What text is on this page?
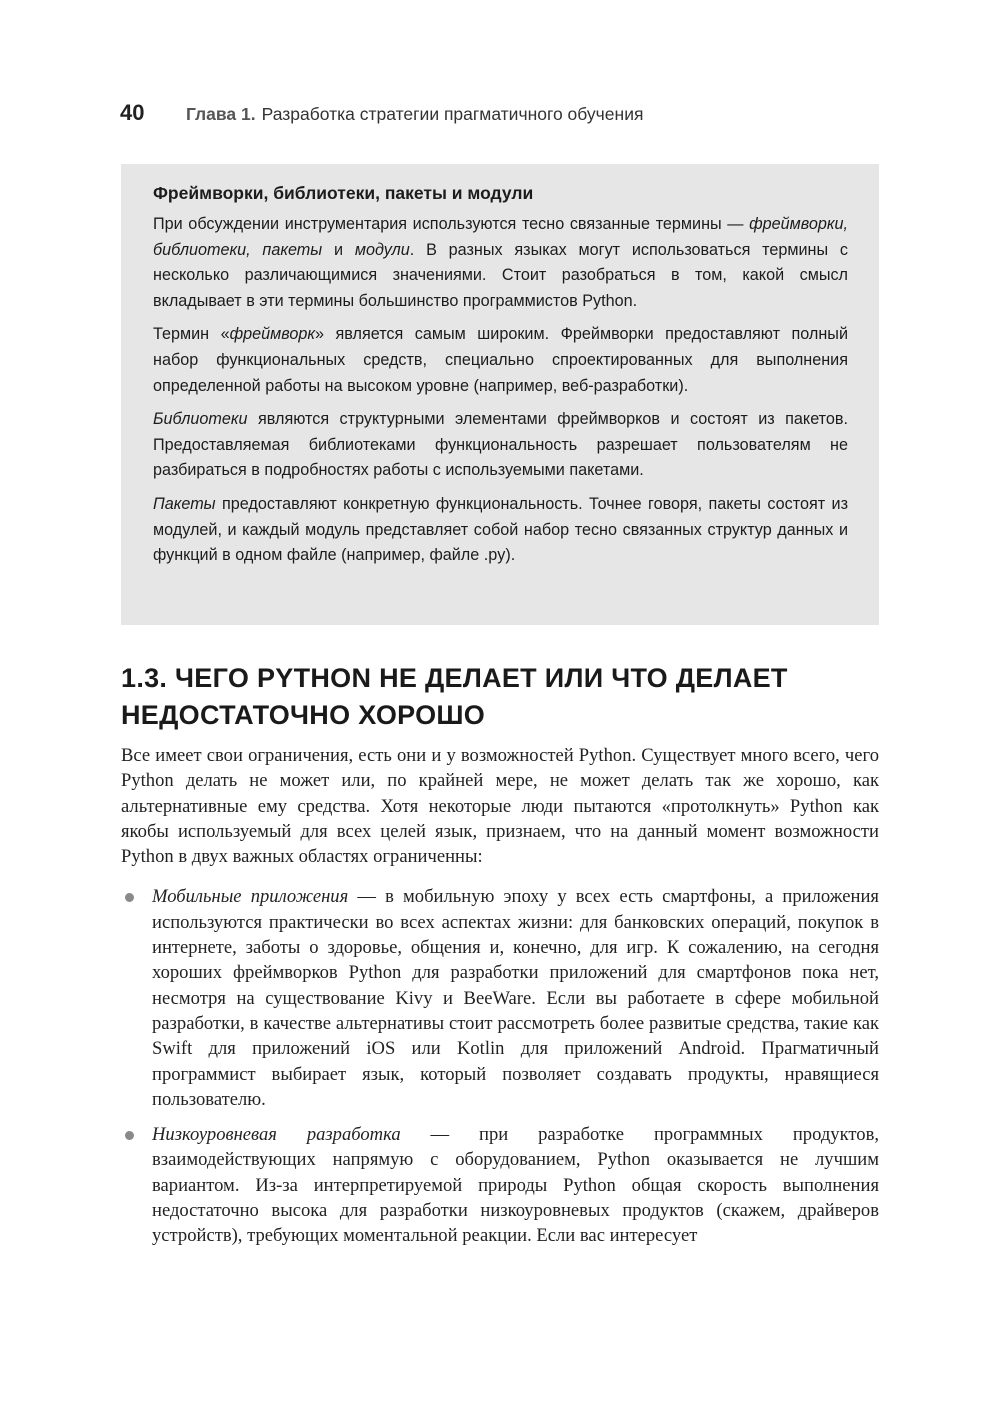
40	Глава 1. Разработка стратегии прагматичного обучения
Фреймворки, библиотеки, пакеты и модули

При обсуждении инструментария используются тесно связанные термины — фреймворки, библиотеки, пакеты и модули. В разных языках могут использоваться термины с несколько различающимися значениями. Стоит разобраться в том, какой смысл вкладывает в эти термины большинство программистов Python.

Термин «фреймворк» является самым широким. Фреймворки предоставляют полный набор функциональных средств, специально спроектированных для выполнения определенной работы на высоком уровне (например, веб-разработки).

Библиотеки являются структурными элементами фреймворков и состоят из пакетов. Предоставляемая библиотеками функциональность разрешает пользователям не разбираться в подробностях работы с используемыми пакетами.

Пакеты предоставляют конкретную функциональность. Точнее говоря, пакеты состоят из модулей, и каждый модуль представляет собой набор тесно связанных структур данных и функций в одном файле (например, файле .py).

1.3. ЧЕГО PYTHON НЕ ДЕЛАЕТ ИЛИ ЧТО ДЕЛАЕТ
НЕДОСТАТОЧНО ХОРОШО

Все имеет свои ограничения, есть они и у возможностей Python. Существует много всего, чего Python делать не может или, по крайней мере, не может делать так же хорошо, как альтернативные ему средства. Хотя некоторые люди пытаются «протолкнуть» Python как якобы используемый для всех целей язык, признаем, что на данный момент возможности Python в двух важных областях ограниченны:

Мобильные приложения — в мобильную эпоху у всех есть смартфоны, а приложения используются практически во всех аспектах жизни: для банковских операций, покупок в интернете, заботы о здоровье, общения и, конечно, для игр. К сожалению, на сегодня хороших фреймворков Python для разработки приложений для смартфонов пока нет, несмотря на существование Kivy и BeeWare. Если вы работаете в сфере мобильной разработки, в качестве альтернативы стоит рассмотреть более развитые средства, такие как Swift для приложений iOS или Kotlin для приложений Android. Прагматичный программист выбирает язык, который позволяет создавать продукты, нравящиеся пользователю.
Низкоуровневая разработка — при разработке программных продуктов, взаимодействующих напрямую с оборудованием, Python оказывается не лучшим вариантом. Из-за интерпретируемой природы Python общая скорость выполнения недостаточно высока для разработки низкоуровневых продуктов (скажем, драйверов устройств), требующих моментальной реакции. Если вас интересует
